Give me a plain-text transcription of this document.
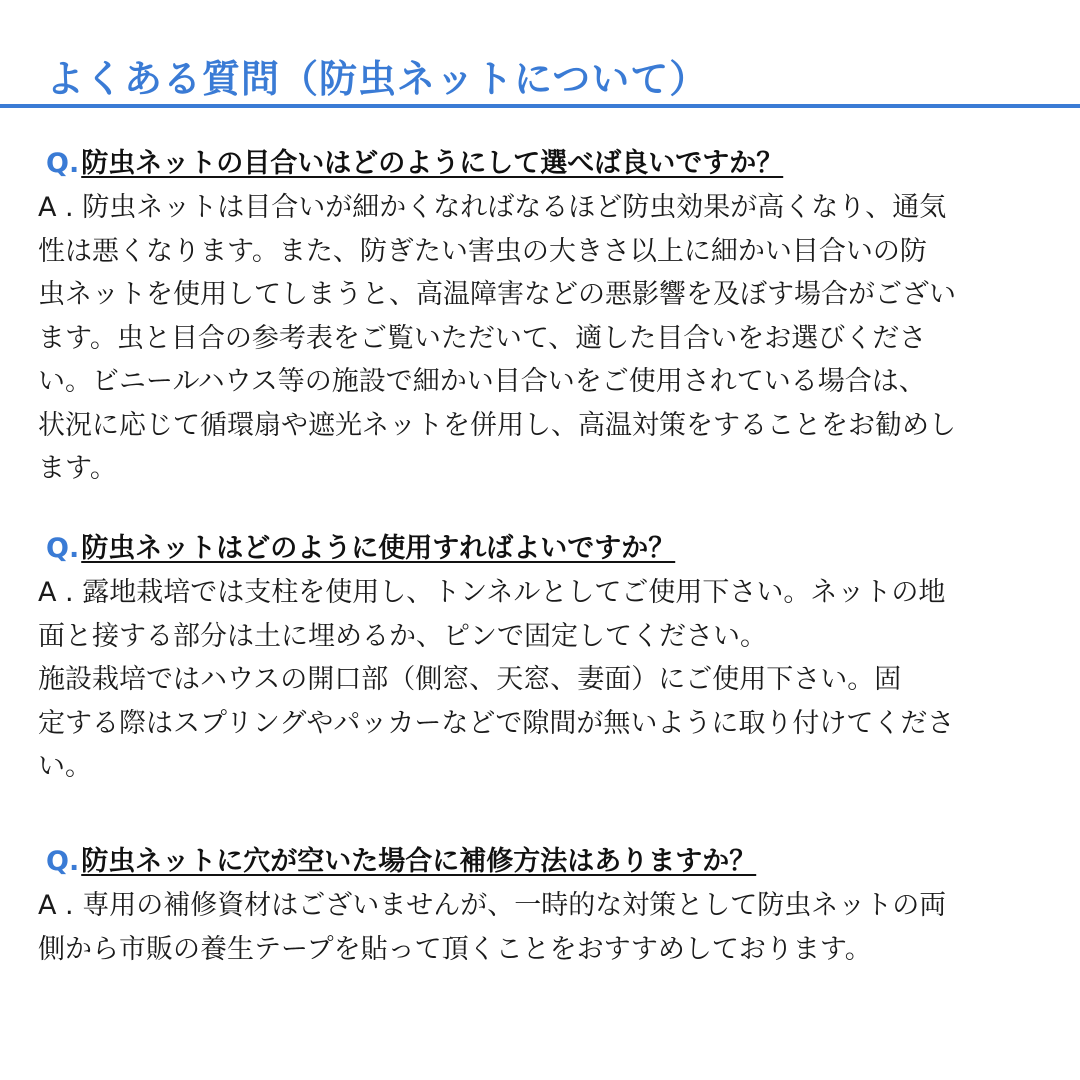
よくある質問（防虫ネットについて）
Q. 防虫ネットの目合いはどのようにして選べば良いですか？
A . 防虫ネットは目合いが細かくなればなるほど防虫効果が高くなり、通気
性は悪くなります。また、防ぎたい害虫の大きさ以上に細かい目合いの防
虫ネットを使用してしまうと、高温障害などの悪影響を及ぼす場合がござい
ます。虫と目合の参考表をご覧いただいて、適した目合いをお選びくださ
い。ビニールハウス等の施設で細かい目合いをご使用されている場合は、
状況に応じて循環扇や遮光ネットを併用し、高温対策をすることをお勧めし
ます。
Q. 防虫ネットはどのように使用すればよいですか？
A . 露地栽培では支柱を使用し、トンネルとしてご使用下さい。ネットの地
面と接する部分は土に埋めるか、ピンで固定してください。
施設栽培ではハウスの開口部（側窓、天窓、妻面）にご使用下さい。固
定する際はスプリングやパッカーなどで隙間が無いように取り付けてくださ
い。
Q. 防虫ネットに穴が空いた場合に補修方法はありますか？
A . 専用の補修資材はございませんが、一時的な対策として防虫ネットの両
側から市販の養生テープを貼って頂くことをおすすめしております。
